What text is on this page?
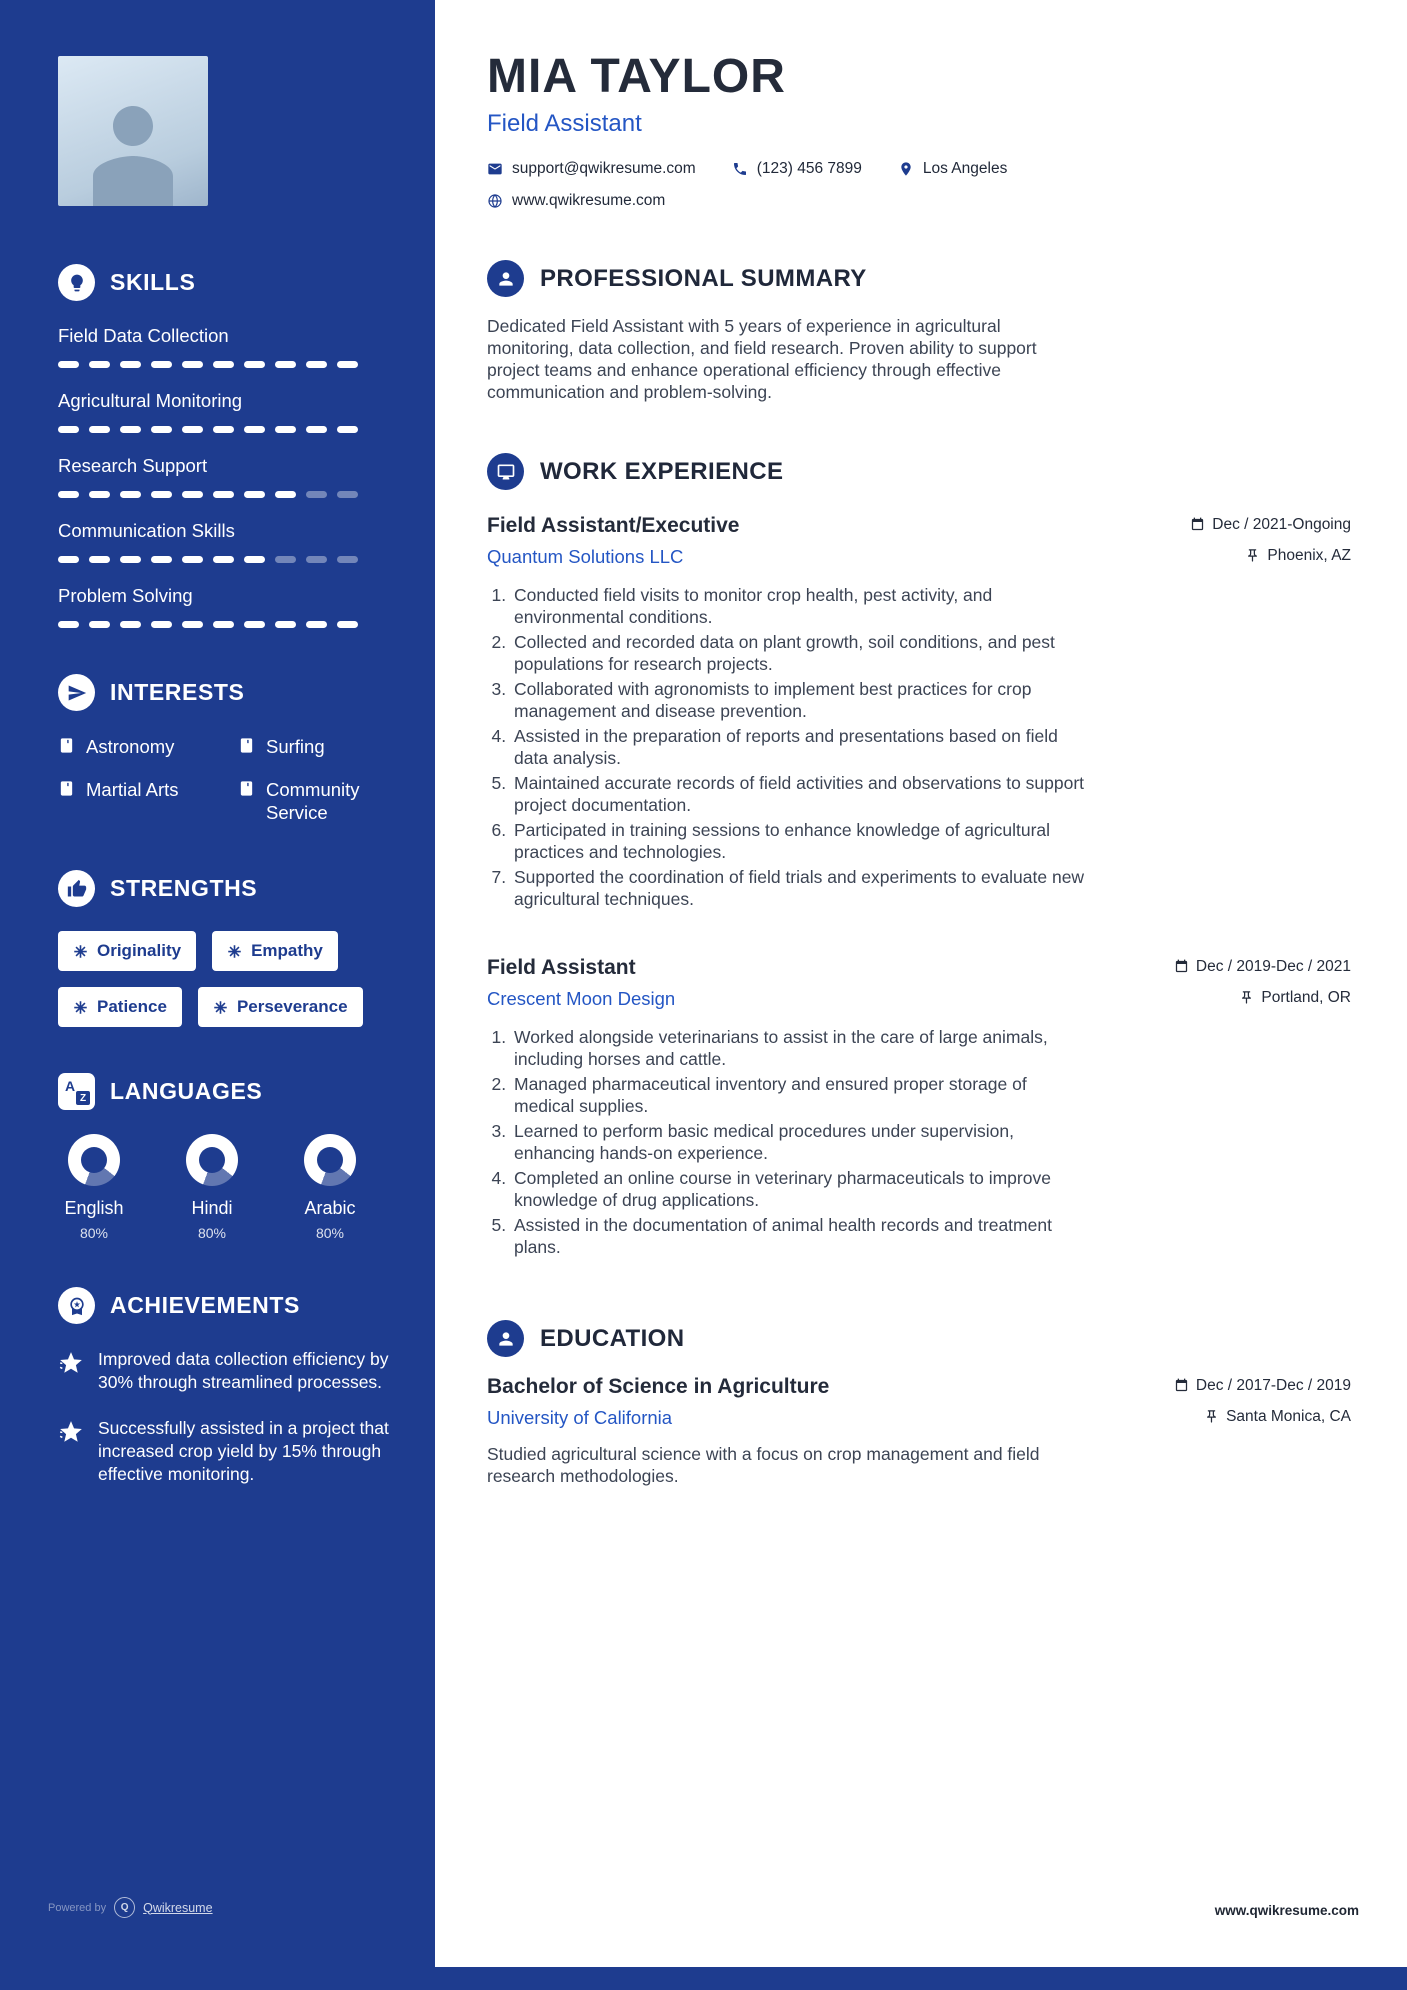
SKILLS
Field Data Collection
Agricultural Monitoring
Research Support
Communication Skills
Problem Solving
INTERESTS
Astronomy	Surfing
Martial Arts	Community Service
STRENGTHS
Originality	Empathy
Patience	Perseverance
A
Z LANGUAGES
English
80%
Hindi
80%
Arabic
80%
ACHIEVEMENTS
Improved data collection efficiency by 30% through streamlined processes.
Successfully assisted in a project that increased crop yield by 15% through effective monitoring.
Powered by	Q	Qwikresume
MIA TAYLOR
Field Assistant
support@qwikresume.com	(123) 456 7899	Los Angeles
www.qwikresume.com
PROFESSIONAL SUMMARY

Dedicated Field Assistant with 5 years of experience in agricultural monitoring, data collection, and field research. Proven ability to support project teams and enhance operational efficiency through effective communication and problem-solving.

WORK EXPERIENCE
Field Assistant/Executive	Dec / 2021-Ongoing
Quantum Solutions LLC	Phoenix, AZ
1. Conducted field visits to monitor crop health, pest activity, and environmental conditions.
2. Collected and recorded data on plant growth, soil conditions, and pest populations for research projects.
3. Collaborated with agronomists to implement best practices for crop management and disease prevention.
4. Assisted in the preparation of reports and presentations based on field data analysis.
5. Maintained accurate records of field activities and observations to support project documentation.
6. Participated in training sessions to enhance knowledge of agricultural practices and technologies.
7. Supported the coordination of field trials and experiments to evaluate new agricultural techniques.
Field Assistant	Dec / 2019-Dec / 2021
Crescent Moon Design	Portland, OR
1. Worked alongside veterinarians to assist in the care of large animals, including horses and cattle.
2. Managed pharmaceutical inventory and ensured proper storage of medical supplies.
3. Learned to perform basic medical procedures under supervision, enhancing hands-on experience.
4. Completed an online course in veterinary pharmaceuticals to improve knowledge of drug applications.
5. Assisted in the documentation of animal health records and treatment plans.
EDUCATION
Bachelor of Science in Agriculture	Dec / 2017-Dec / 2019
University of California	Santa Monica, CA

Studied agricultural science with a focus on crop management and field research methodologies.

www.qwikresume.com
